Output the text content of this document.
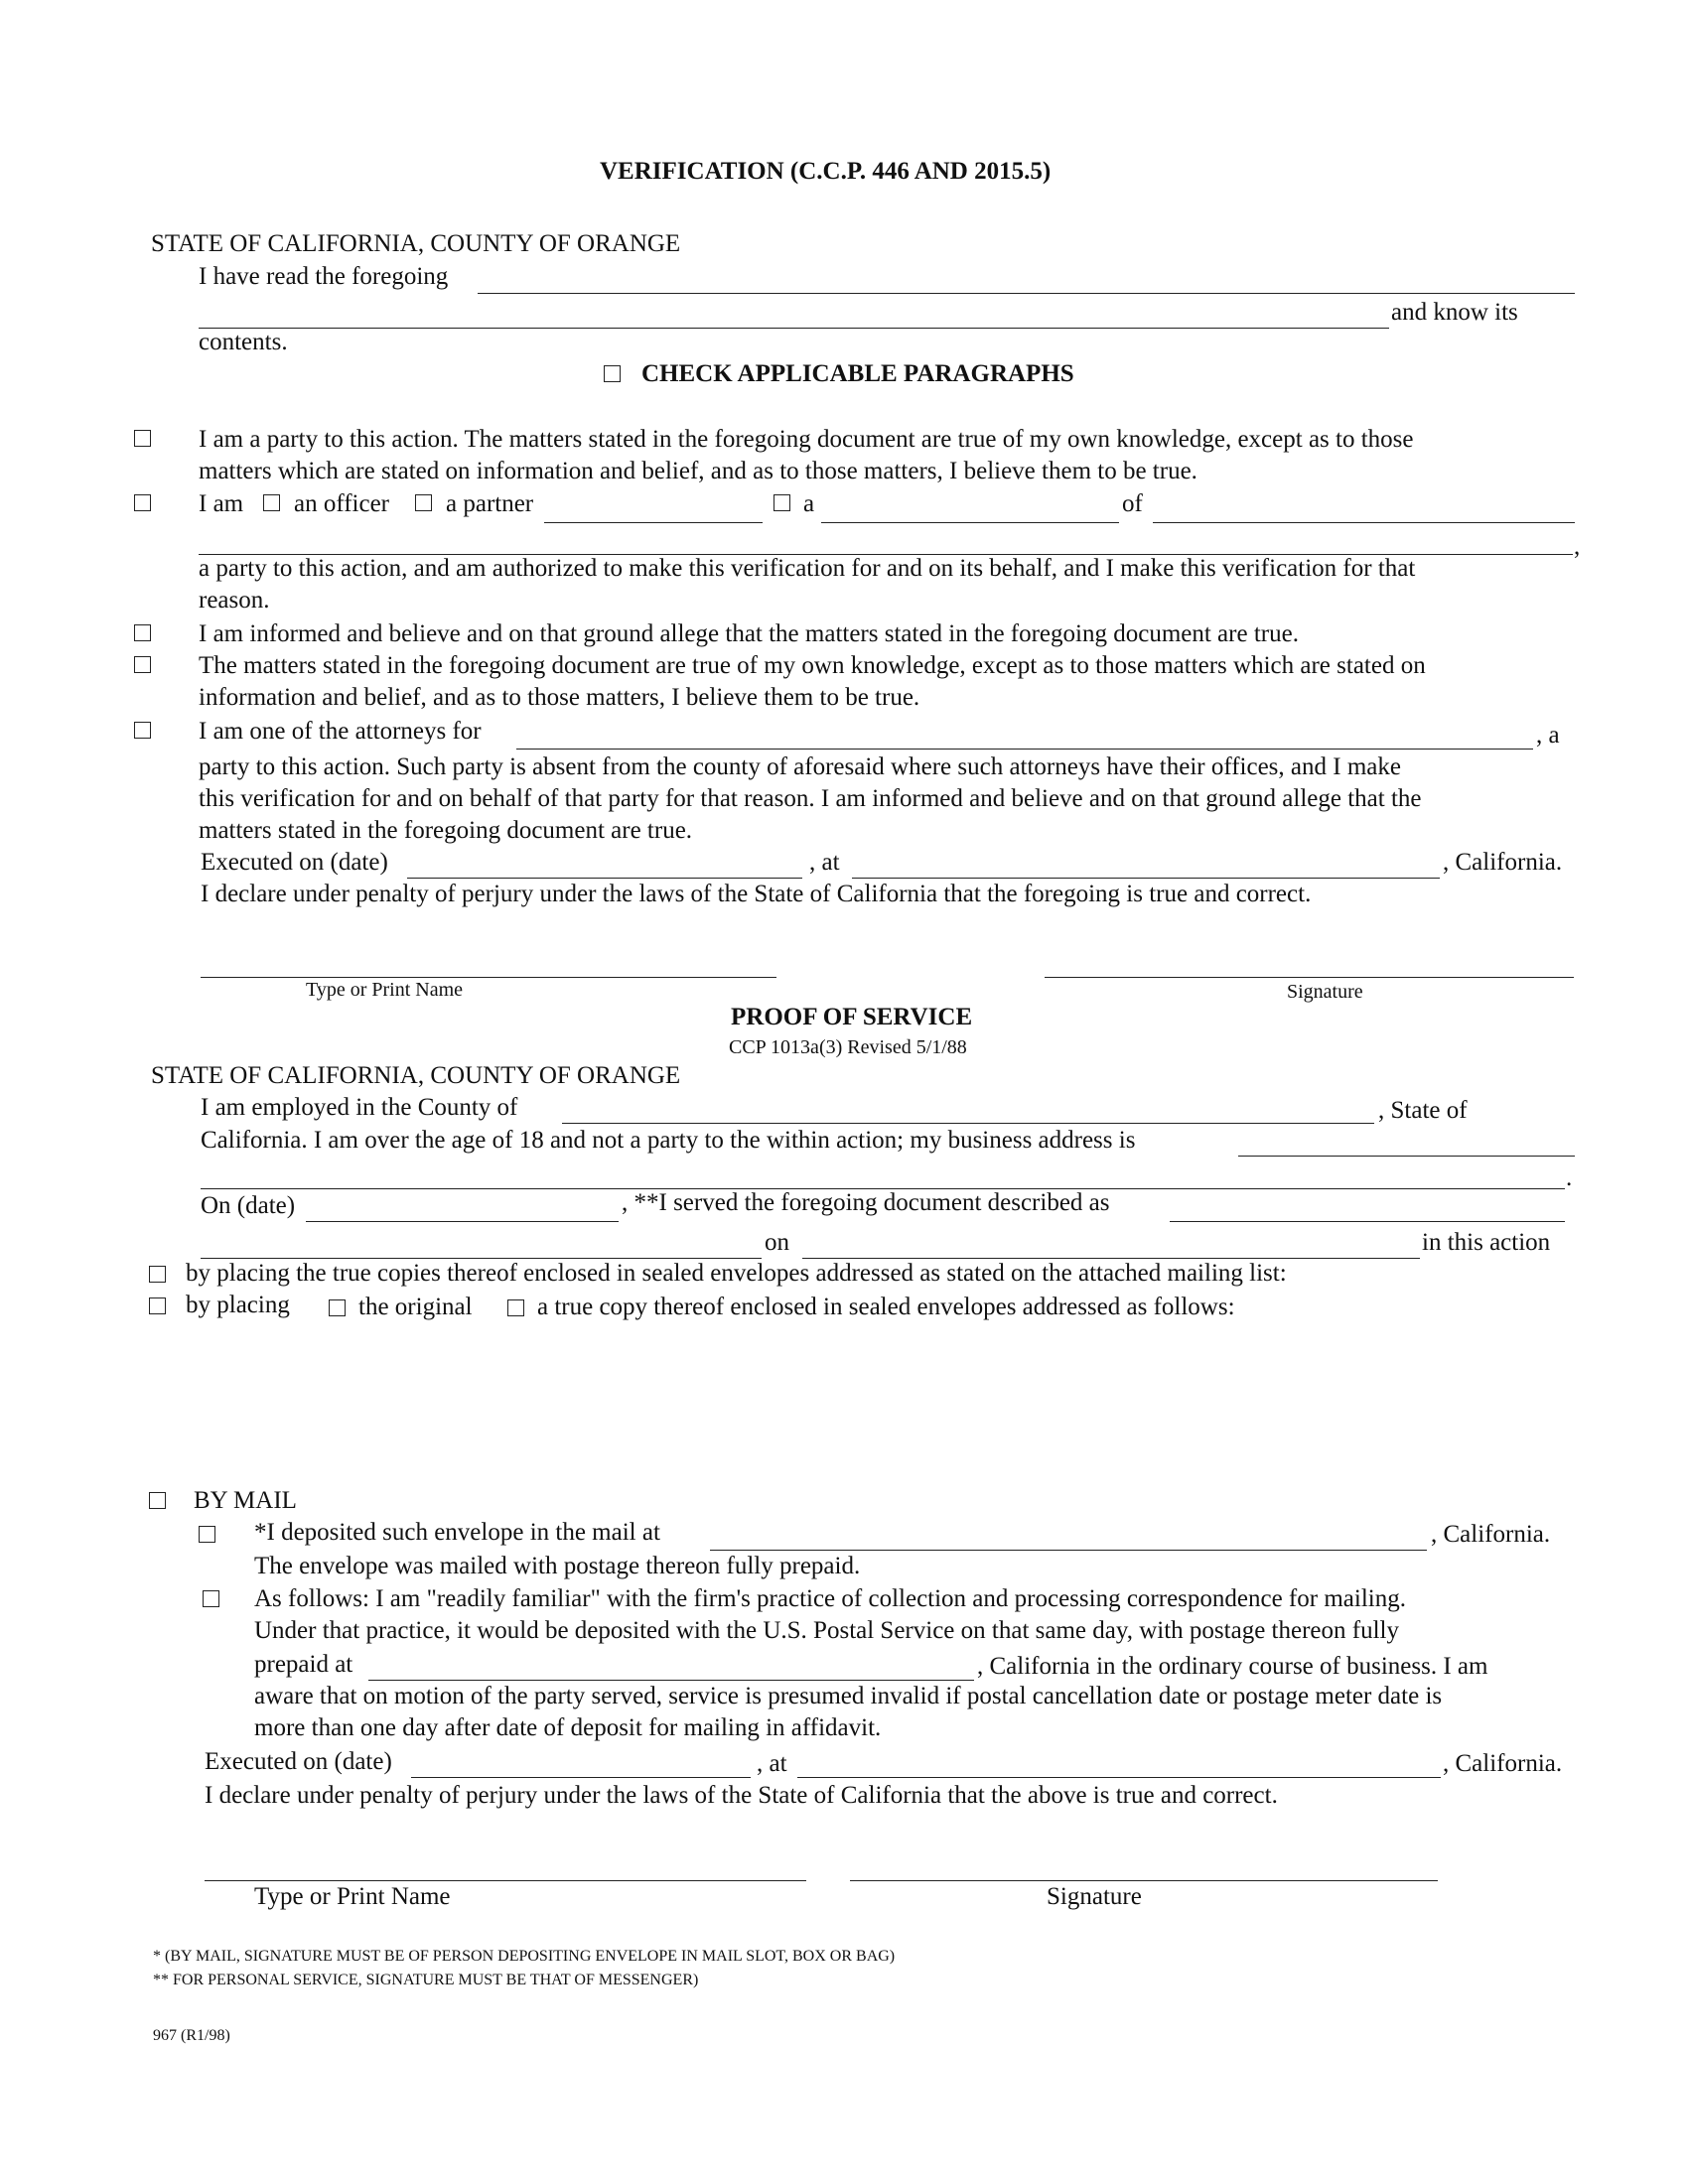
VERIFICATION (C.C.P. 446 AND 2015.5)
STATE OF CALIFORNIA, COUNTY OF ORANGE
I have read the foregoing
and know its
contents.
CHECK APPLICABLE PARAGRAPHS
I am a party to this action. The matters stated in the foregoing document are true of my own knowledge, except as to those
matters which are stated on information and belief, and as to those matters, I believe them to be true.
I am an officer a partner	a	of
,
a party to this action, and am authorized to make this verification for and on its behalf, and I make this verification for that
reason.
I am informed and believe and on that ground allege that the matters stated in the foregoing document are true.
The matters stated in the foregoing document are true of my own knowledge, except as to those matters which are stated on
information and belief, and as to those matters, I believe them to be true.
I am one of the attorneys for	, a
party to this action. Such party is absent from the county of aforesaid where such attorneys have their offices, and I make
this verification for and on behalf of that party for that reason. I am informed and believe and on that ground allege that the
matters stated in the foregoing document are true.
Executed on (date)	, at	, California.
I declare under penalty of perjury under the laws of the State of California that the foregoing is true and correct.
Type or Print Name	Signature
PROOF OF SERVICE
CCP 1013a(3) Revised 5/1/88
STATE OF CALIFORNIA, COUNTY OF ORANGE
I am employed in the County of	, State of
California. I am over the age of 18 and not a party to the within action; my business address is
.
On (date)	, **I served the foregoing document described as
on	in this action
by placing the true copies thereof enclosed in sealed envelopes addressed as stated on the attached mailing list:
by placing	the original	a true copy thereof enclosed in sealed envelopes addressed as follows:
BY MAIL
*I deposited such envelope in the mail at	, California.
The envelope was mailed with postage thereon fully prepaid.
As follows: I am "readily familiar" with the firm's practice of collection and processing correspondence for mailing.
Under that practice, it would be deposited with the U.S. Postal Service on that same day, with postage thereon fully
prepaid at	, California in the ordinary course of business. I am
aware that on motion of the party served, service is presumed invalid if postal cancellation date or postage meter date is
more than one day after date of deposit for mailing in affidavit.
Executed on (date)	, at	, California.
I declare under penalty of perjury under the laws of the State of California that the above is true and correct.
Type or Print Name	Signature
* (BY MAIL, SIGNATURE MUST BE OF PERSON DEPOSITING ENVELOPE IN MAIL SLOT, BOX OR BAG)
** FOR PERSONAL SERVICE, SIGNATURE MUST BE THAT OF MESSENGER)
967 (R1/98)
